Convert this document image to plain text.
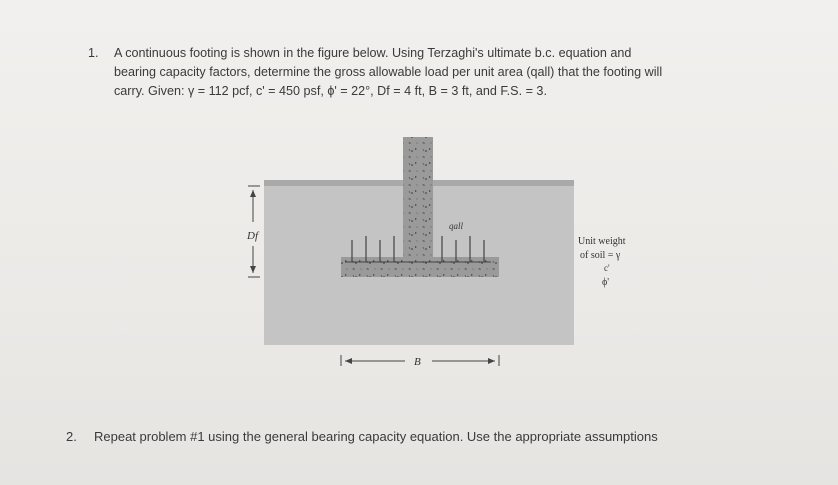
1. A continuous footing is shown in the figure below. Using Terzaghi's ultimate b.c. equation and
bearing capacity factors, determine the gross allowable load per unit area (qall) that the footing will
carry. Given: γ = 112 pcf, c' = 450 psf, ϕ' = 22°, Df = 4 ft, B = 3 ft, and F.S. = 3.
Df
qall
B
Unit weight
of soil = γ
c'
ϕ'
2. Repeat problem #1 using the general bearing capacity equation. Use the appropriate assumptions
